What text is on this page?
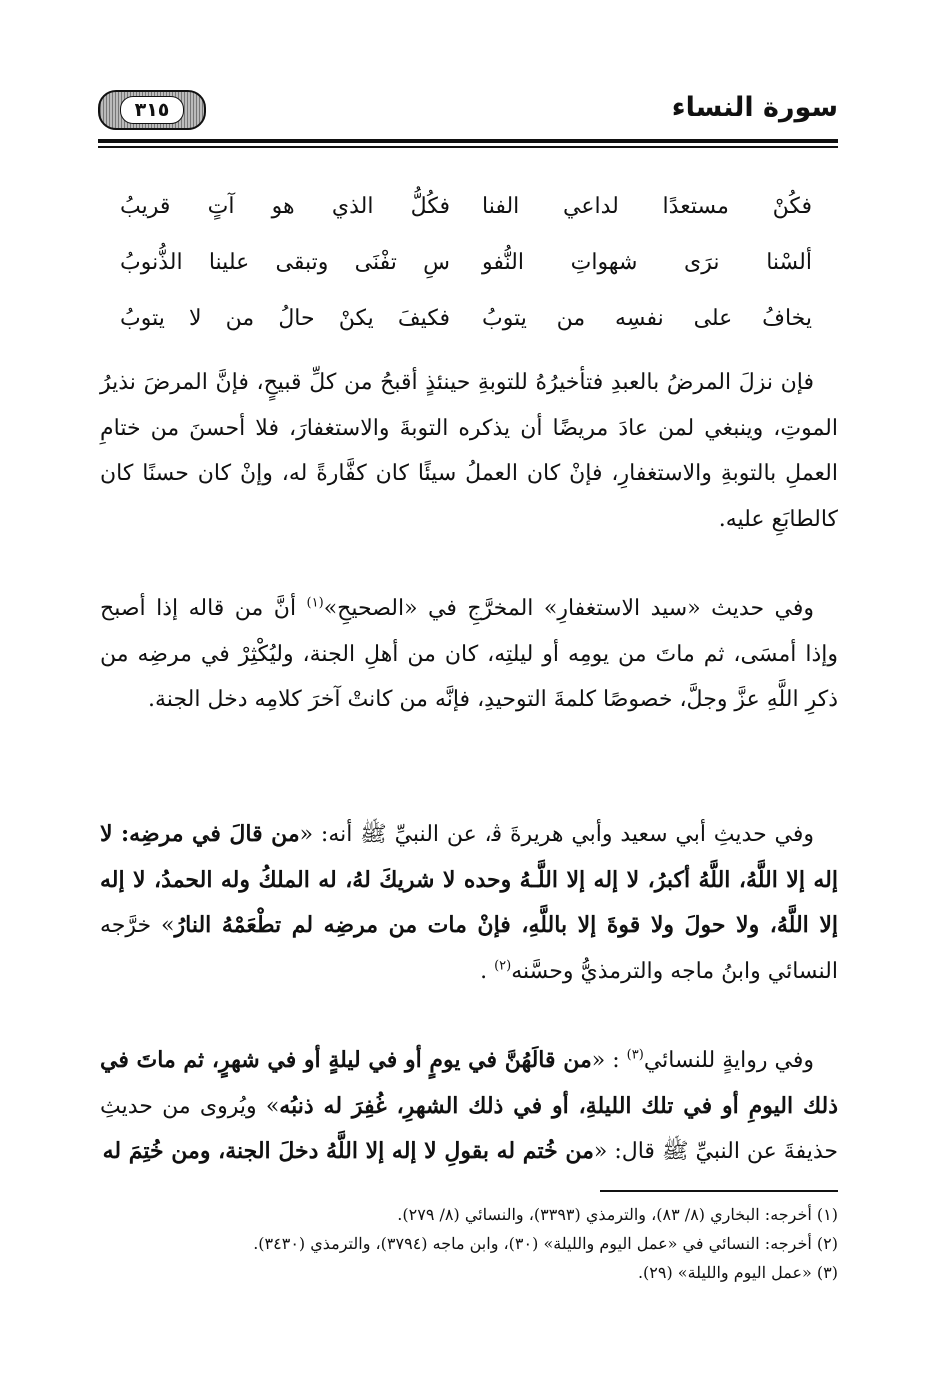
سورة النساء
٣١٥
فكُنْ مستعدًا لداعي الفنا
فكُلُّ الذي هو آتٍ قريبُ
ألسْنا نرَى شهواتِ النُّفو
سِ تفْنَى وتبقى علينا الذُّنوبُ
يخافُ على نفسِه من يتوبُ
فكيفَ يكنْ حالُ من لا يتوبُ

فإن نزلَ المرضُ بالعبدِ فتأخيرُهُ للتوبةِ حينئذٍ أقبحُ من كلِّ قبيحٍ، فإنَّ المرضَ نذيرُ الموتِ، وينبغي لمن عادَ مريضًا أن يذكره التوبةَ والاستغفارَ، فلا أحسنَ من ختامِ العملِ بالتوبةِ والاستغفارِ، فإنْ كان العملُ سيئًا كان كفَّارةً له، وإنْ كان حسنًا كان كالطابَعِ عليه.

وفي حديث «سيد الاستغفارِ» المخرَّجِ في «الصحيحِ»$^{(١)}$ أنَّ من قاله إذا أصبح وإذا أمسَى، ثم ماتَ من يومِه أو ليلتِه، كان من أهلِ الجنة، وليُكْثِرْ في مرضِه من ذكرِ اللَّهِ عزَّ وجلَّ، خصوصًا كلمةَ التوحيدِ، فإنَّه من كانتْ آخرَ كلامِه دخل الجنة.

وفي حديثِ أبي سعيد وأبي هريرةَ ﭬ، عن النبيِّ ﷺ أنه: «من قالَ في مرضِه: لا إله إلا اللَّهُ، اللَّهُ أكبرُ، لا إله إلا اللَّـهُ وحده لا شريكَ لهُ، له الملكُ وله الحمدُ، لا إله إلا اللَّهُ، ولا حولَ ولا قوةَ إلا باللَّهِ، فإنْ مات من مرضِه لم تطْعَمْهُ النارُ» خرَّجه النسائي وابنُ ماجه والترمذيُّ وحسَّنه$^{(٢)}$ .

وفي روايةٍ للنسائي$^{(٣)}$ : «من قالَهُنَّ في يومٍ أو في ليلةٍ أو في شهرٍ، ثم ماتَ في ذلك اليومِ أو في تلك الليلةِ، أو في ذلك الشهرِ، غُفِرَ له ذنبُه» ويُروى من حديثِ حذيفةَ عن النبيِّ ﷺ قال: «من خُتم له بقولِ لا إله إلا اللَّهُ دخلَ الجنة، ومن خُتِمَ له

(١) أخرجه: البخاري (٨/ ٨٣)، والترمذي (٣٣٩٣)، والنسائي (٨/ ٢٧٩).
(٢) أخرجه: النسائي في «عمل اليوم والليلة» (٣٠)، وابن ماجه (٣٧٩٤)، والترمذي (٣٤٣٠).
(٣) «عمل اليوم والليلة» (٢٩).
